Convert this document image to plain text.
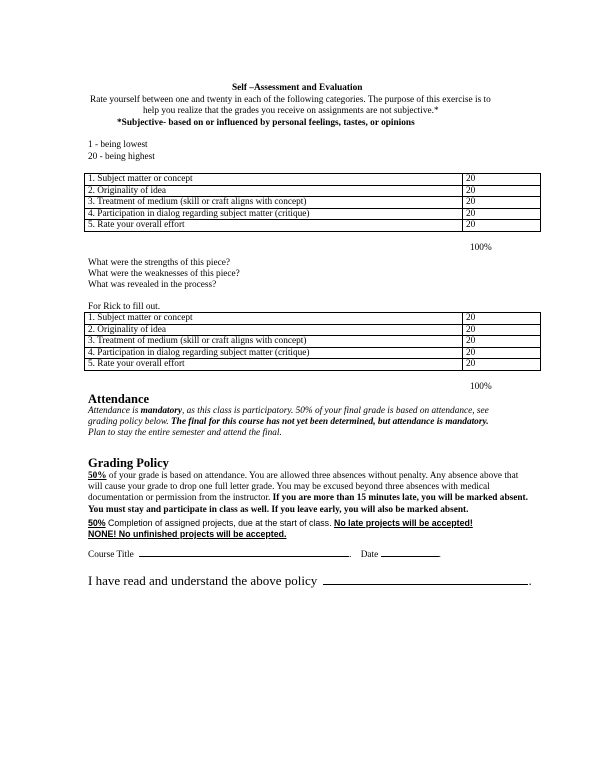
Self –Assessment and Evaluation
Rate yourself between one and twenty in each of the following categories. The purpose of this exercise is to
help you realize that the grades you receive on assignments are not subjective.*
*Subjective- based on or influenced by personal feelings, tastes, or opinions
1 - being lowest
20 - being highest
1. Subject matter or concept	20
2. Originality of idea	20
3. Treatment of medium (skill or craft aligns with concept)	20
4. Participation in dialog regarding subject matter (critique)	20
5. Rate your overall effort	20
100%
What were the strengths of this piece?
What were the weaknesses of this piece?
What was revealed in the process?
For Rick to fill out.
1. Subject matter or concept	20
2. Originality of idea	20
3. Treatment of medium (skill or craft aligns with concept)	20
4. Participation in dialog regarding subject matter (critique)	20
5. Rate your overall effort	20
100%
Attendance
Attendance is mandatory, as this class is participatory. 50% of your final grade is based on attendance, see
grading policy below. The final for this course has not yet been determined, but attendance is mandatory.
Plan to stay the entire semester and attend the final.
Grading Policy
50% of your grade is based on attendance. You are allowed three absences without penalty. Any absence above that
will cause your grade to drop one full letter grade. You may be excused beyond three absences with medical
documentation or permission from the instructor. If you are more than 15 minutes late, you will be marked absent.
You must stay and participate in class as well. If you leave early, you will also be marked absent.
50% Completion of assigned projects, due at the start of class. No late projects will be accepted!
NONE! No unfinished projects will be accepted.
Course Title	.    Date	.
I have read and understand the above policy	.
